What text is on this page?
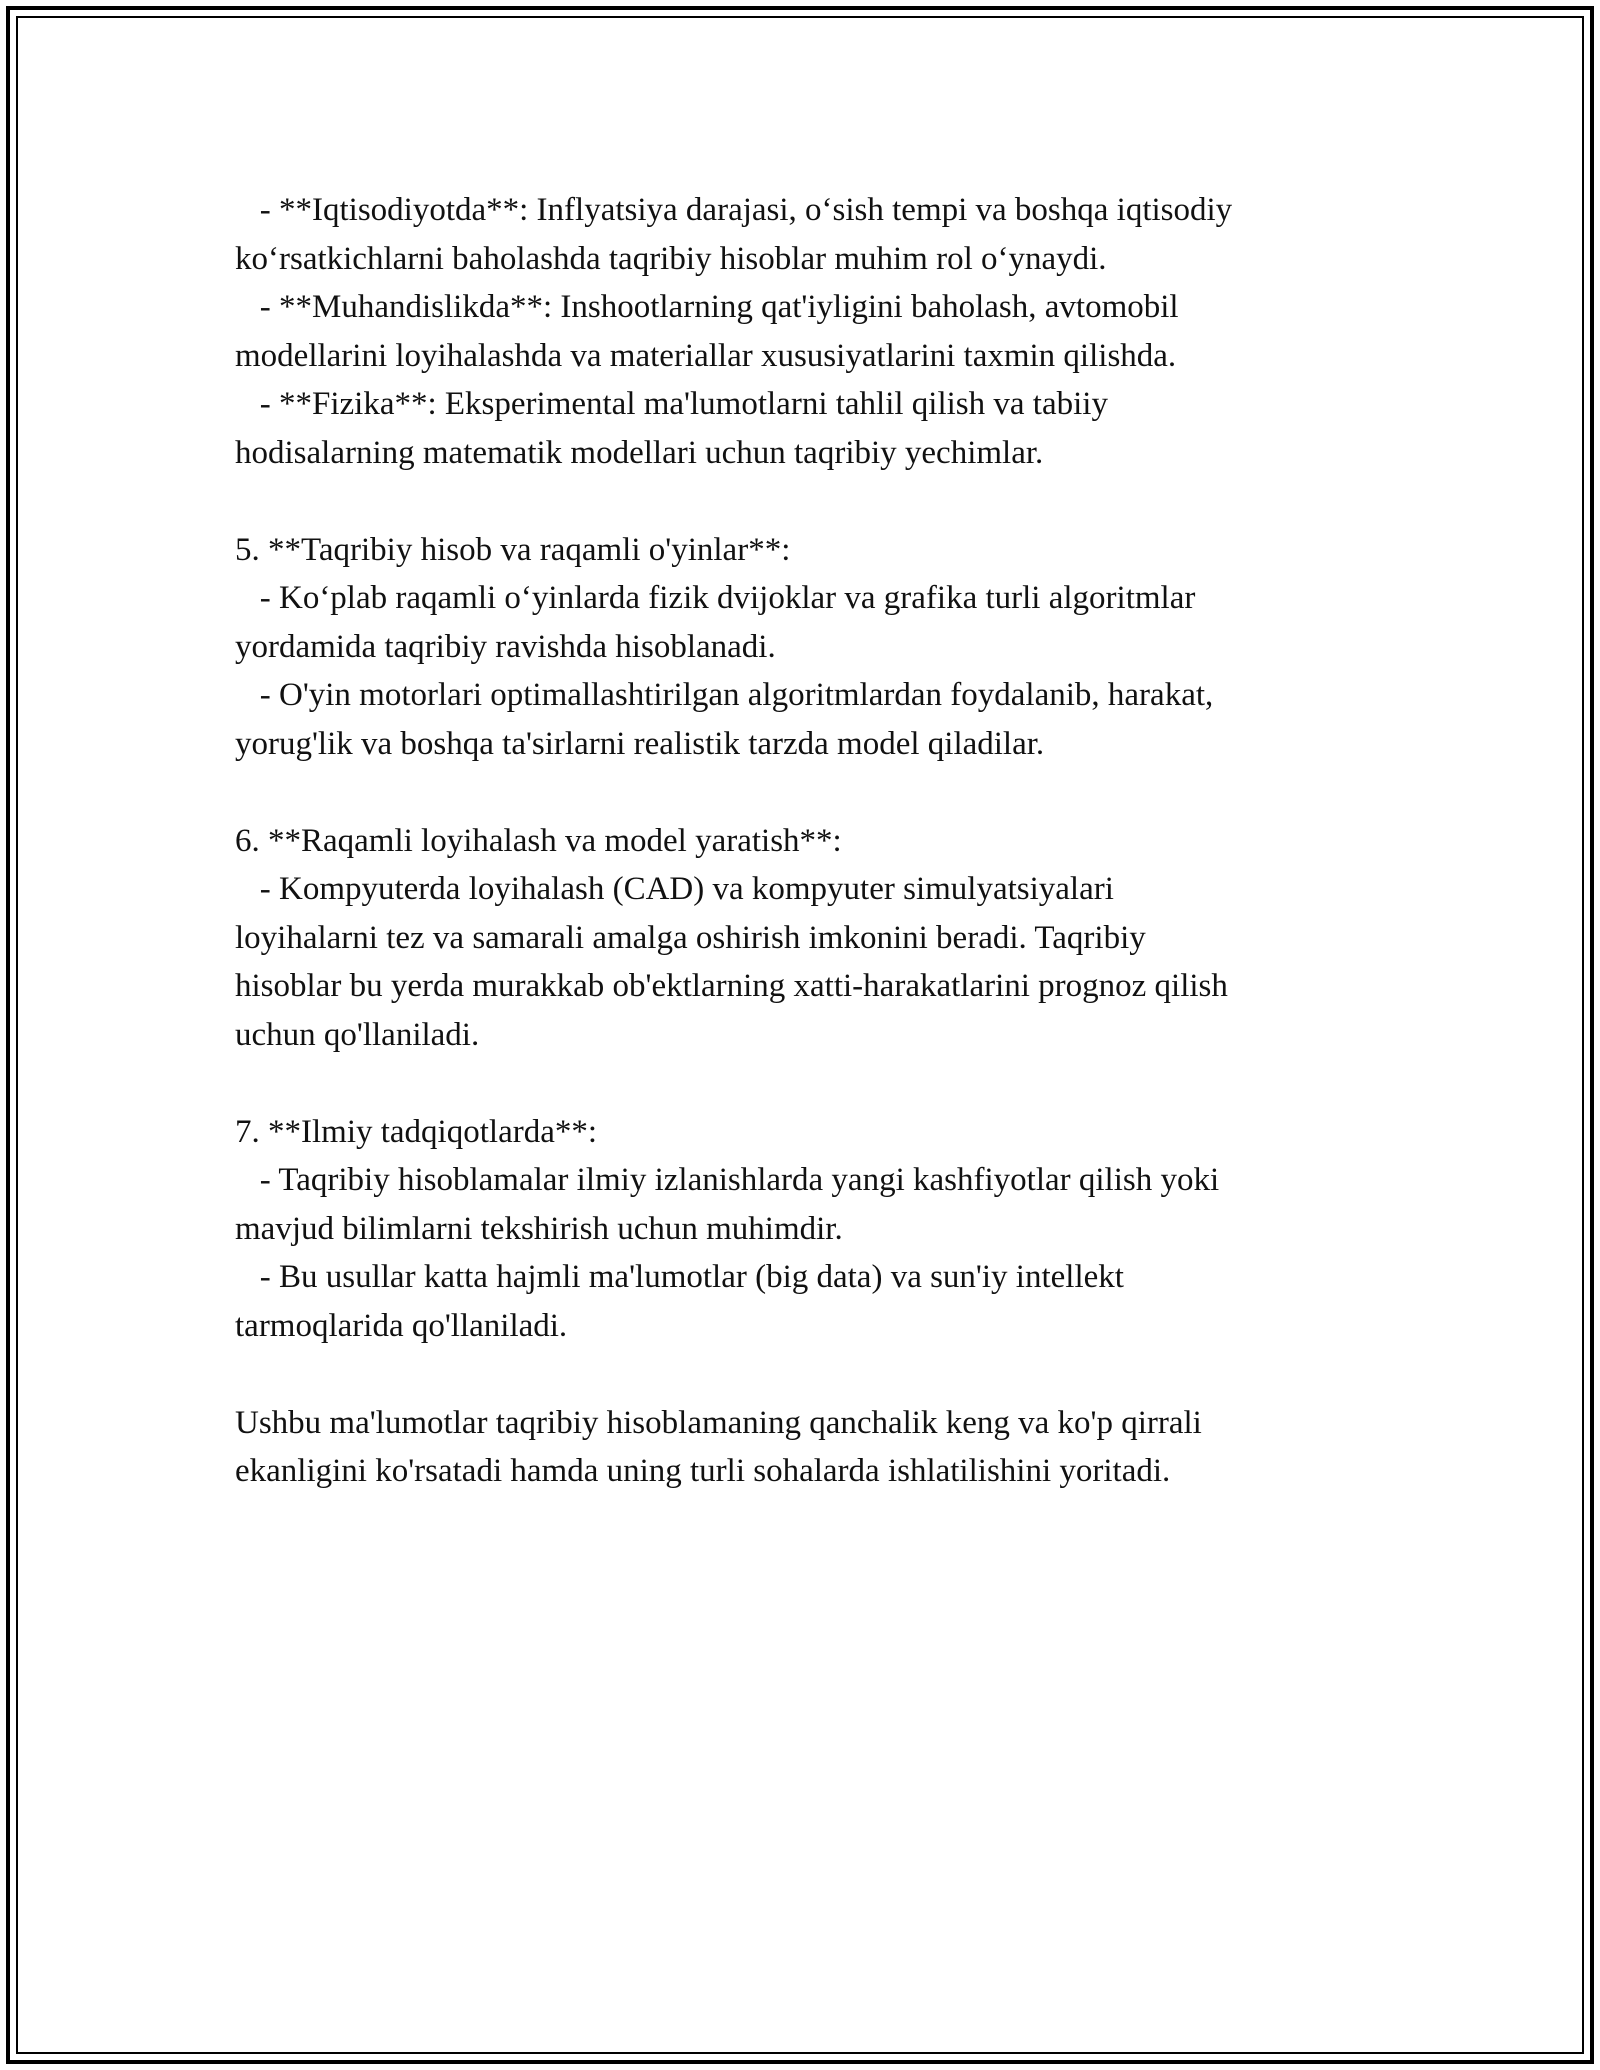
- **Iqtisodiyotda**: Inflyatsiya darajasi, o‘sish tempi va boshqa iqtisodiy
ko‘rsatkichlarni baholashda taqribiy hisoblar muhim rol o‘ynaydi.
- **Muhandislikda**: Inshootlarning qat'iyligini baholash, avtomobil
modellarini loyihalashda va materiallar xususiyatlarini taxmin qilishda.
- **Fizika**: Eksperimental ma'lumotlarni tahlil qilish va tabiiy
hodisalarning matematik modellari uchun taqribiy yechimlar.
5. **Taqribiy hisob va raqamli o'yinlar**:
- Ko‘plab raqamli o‘yinlarda fizik dvijoklar va grafika turli algoritmlar
yordamida taqribiy ravishda hisoblanadi.
- O'yin motorlari optimallashtirilgan algoritmlardan foydalanib, harakat,
yorug'lik va boshqa ta'sirlarni realistik tarzda model qiladilar.
6. **Raqamli loyihalash va model yaratish**:
- Kompyuterda loyihalash (CAD) va kompyuter simulyatsiyalari
loyihalarni tez va samarali amalga oshirish imkonini beradi. Taqribiy
hisoblar bu yerda murakkab ob'ektlarning xatti-harakatlarini prognoz qilish
uchun qo'llaniladi.
7. **Ilmiy tadqiqotlarda**:
- Taqribiy hisoblamalar ilmiy izlanishlarda yangi kashfiyotlar qilish yoki
mavjud bilimlarni tekshirish uchun muhimdir.
- Bu usullar katta hajmli ma'lumotlar (big data) va sun'iy intellekt
tarmoqlarida qo'llaniladi.
Ushbu ma'lumotlar taqribiy hisoblamaning qanchalik keng va ko'p qirrali
ekanligini ko'rsatadi hamda uning turli sohalarda ishlatilishini yoritadi.
